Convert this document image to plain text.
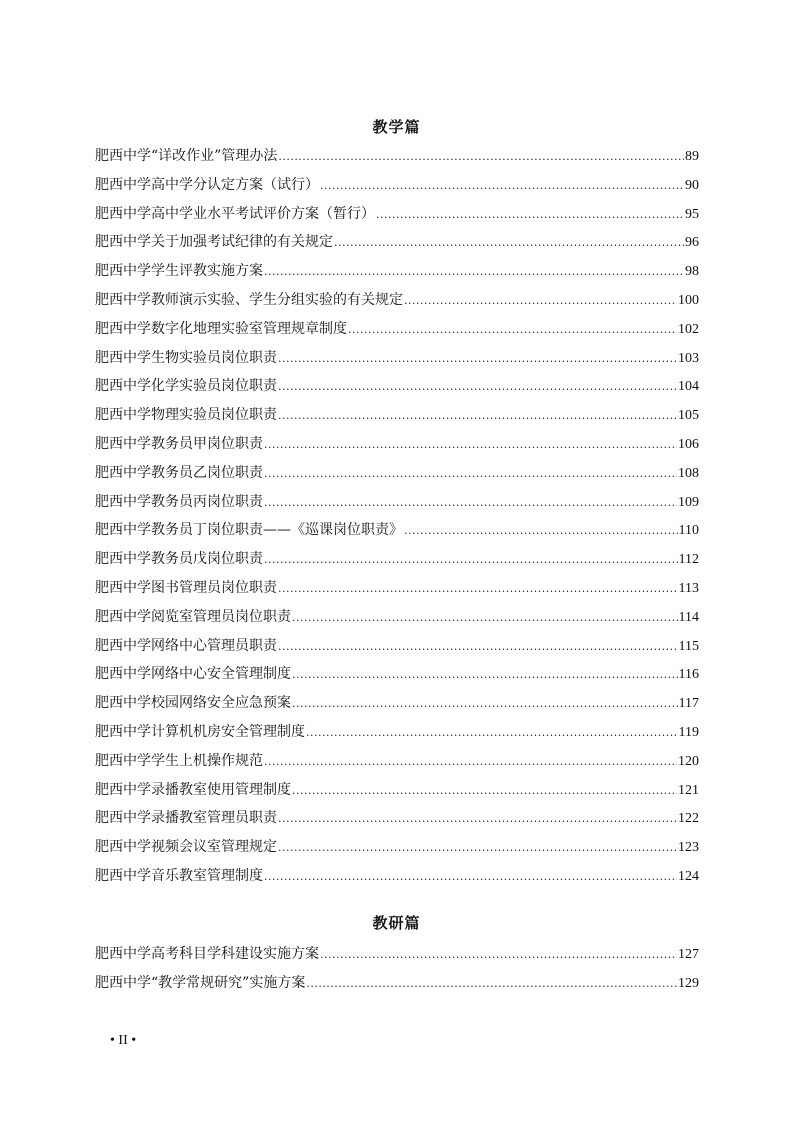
教学篇
肥西中学“详改作业”管理办法 .....	89
肥西中学高中学分认定方案（试行） .....	90
肥西中学高中学业水平考试评价方案（暂行） .....	95
肥西中学关于加强考试纪律的有关规定 .....	96
肥西中学学生评教实施方案 .....	98
肥西中学教师演示实验、学生分组实验的有关规定 .....	100
肥西中学数字化地理实验室管理规章制度 .....	102
肥西中学生物实验员岗位职责 .....	103
肥西中学化学实验员岗位职责 .....	104
肥西中学物理实验员岗位职责 .....	105
肥西中学教务员甲岗位职责 .....	106
肥西中学教务员乙岗位职责 .....	108
肥西中学教务员丙岗位职责 .....	109
肥西中学教务员丁岗位职责——《巡课岗位职责》 .....	110
肥西中学教务员戊岗位职责 .....	112
肥西中学图书管理员岗位职责 .....	113
肥西中学阅览室管理员岗位职责 .....	114
肥西中学网络中心管理员职责 .....	115
肥西中学网络中心安全管理制度 .....	116
肥西中学校园网络安全应急预案 .....	117
肥西中学计算机机房安全管理制度 .....	119
肥西中学学生上机操作规范 .....	120
肥西中学录播教室使用管理制度 .....	121
肥西中学录播教室管理员职责 .....	122
肥西中学视频会议室管理规定 .....	123
肥西中学音乐教室管理制度 .....	124
教研篇
肥西中学高考科目学科建设实施方案 .....	127
肥西中学“教学常规研究”实施方案 .....	129
• II •
